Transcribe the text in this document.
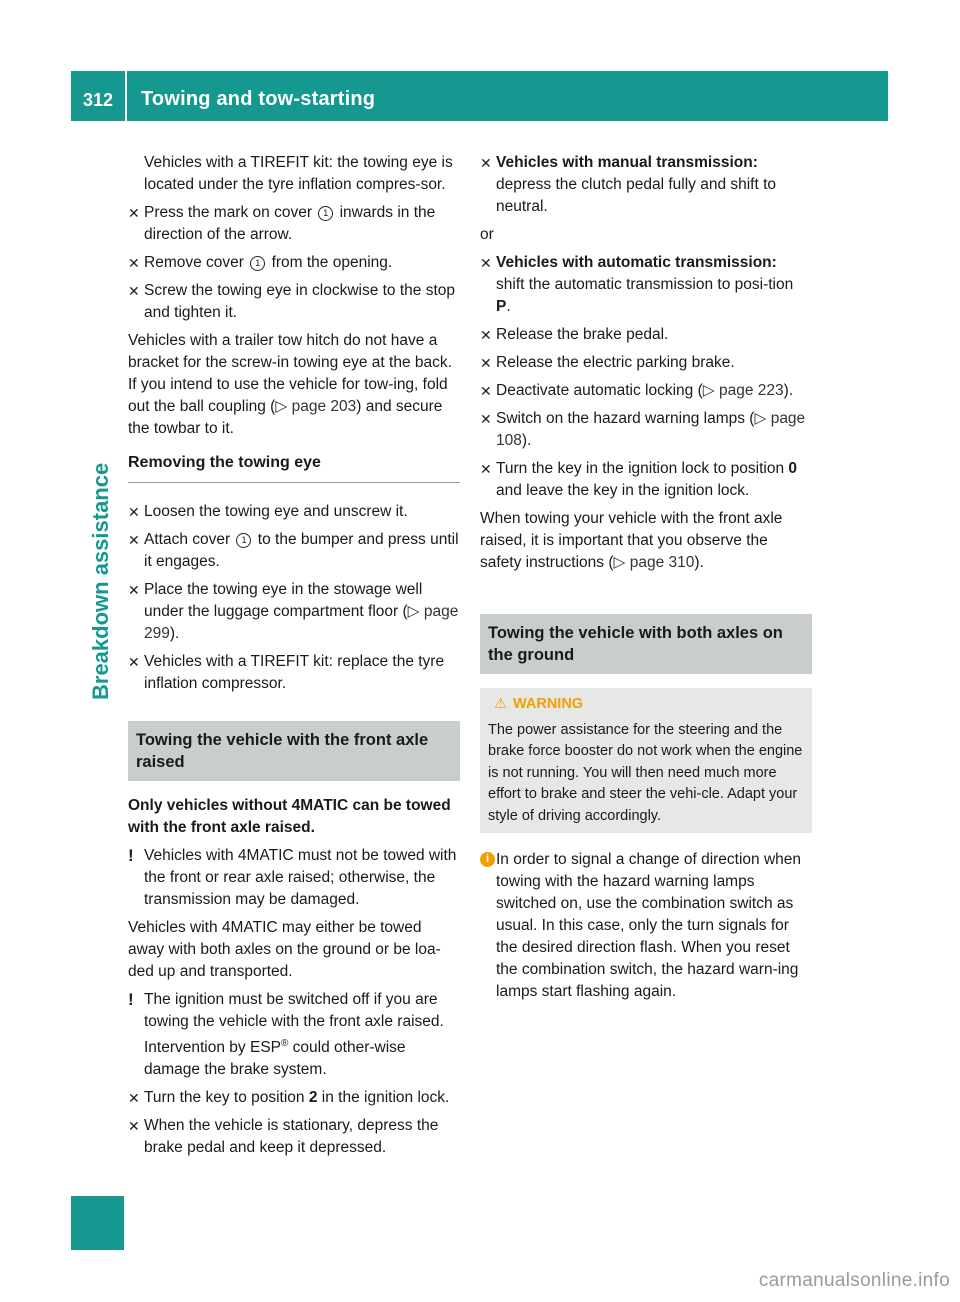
312 Towing and tow-starting
Breakdown assistance

Vehicles with a TIREFIT kit: the towing eye is located under the tyre inflation compres-sor.

✕ Press the mark on cover 1 inwards in the direction of the arrow.
✕ Remove cover 1 from the opening.
✕ Screw the towing eye in clockwise to the stop and tighten it.

Vehicles with a trailer tow hitch do not have a bracket for the screw-in towing eye at the back. If you intend to use the vehicle for tow-ing, fold out the ball coupling (▷ page 203) and secure the towbar to it.

Removing the towing eye
✕ Loosen the towing eye and unscrew it.
✕ Attach cover 1 to the bumper and press until it engages.
✕ Place the towing eye in the stowage well under the luggage compartment floor (▷ page 299).
✕ Vehicles with a TIREFIT kit: replace the tyre inflation compressor.
Towing the vehicle with the front axle raised

Only vehicles without 4MATIC can be towed with the front axle raised.

! Vehicles with 4MATIC must not be towed with the front or rear axle raised; otherwise, the transmission may be damaged.

Vehicles with 4MATIC may either be towed away with both axles on the ground or be loa-ded up and transported.

! The ignition must be switched off if you are towing the vehicle with the front axle raised. Intervention by ESP® could other-wise damage the brake system.
✕ Turn the key to position 2 in the ignition lock.
✕ When the vehicle is stationary, depress the brake pedal and keep it depressed.
✕ Vehicles with manual transmission:
depress the clutch pedal fully and shift to neutral.

or

✕ Vehicles with automatic transmission:
shift the automatic transmission to posi-tion P.
✕ Release the brake pedal.
✕ Release the electric parking brake.
✕ Deactivate automatic locking (▷ page 223).
✕ Switch on the hazard warning lamps (▷ page 108).
✕ Turn the key in the ignition lock to position 0 and leave the key in the ignition lock.

When towing your vehicle with the front axle raised, it is important that you observe the safety instructions (▷ page 310).

Towing the vehicle with both axles on the ground
⚠ WARNING
The power assistance for the steering and the brake force booster do not work when the engine is not running. You will then need much more effort to brake and steer the vehi-cle. Adapt your style of driving accordingly.
i In order to signal a change of direction when towing with the hazard warning lamps switched on, use the combination switch as usual. In this case, only the turn signals for the desired direction flash. When you reset the combination switch, the hazard warn-ing lamps start flashing again.
carmanualsonline.info
